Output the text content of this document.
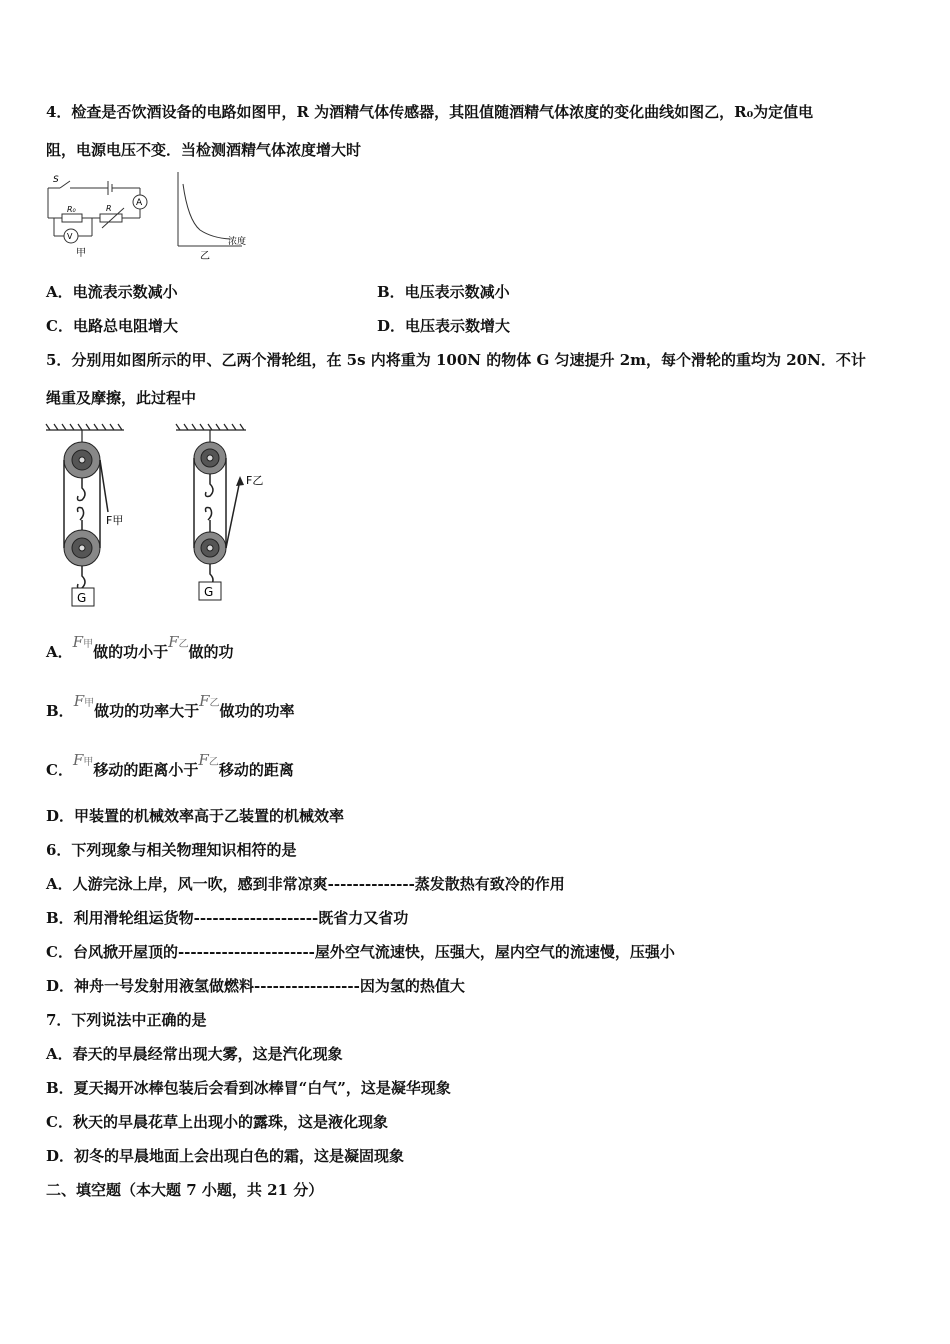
4．检查是否饮酒设备的电路如图甲，R 为酒精气体传感器，其阻值随酒精气体浓度的变化曲线如图乙，R₀为定值电
阻，电源电压不变．当检测酒精气体浓度增大时
S
R₀	R
A
V
甲
浓度
乙
A．电流表示数减小	B．电压表示数减小
C．电路总电阻增大	D．电压表示数增大
5．分别用如图所示的甲、乙两个滑轮组，在 5s 内将重为 100N 的物体 G 匀速提升 2m，每个滑轮的重均为 20N．不计
绳重及摩擦，此过程中
G
F甲
G
F乙
A．F甲做的功小于F乙做的功
B．F甲做功的功率大于F乙做功的功率
C．F甲移动的距离小于F乙移动的距离
D．甲装置的机械效率高于乙装置的机械效率
6．下列现象与相关物理知识相符的是
A．人游完泳上岸，风一吹，感到非常凉爽--------------蒸发散热有致冷的作用
B．利用滑轮组运货物--------------------既省力又省功
C．台风掀开屋顶的----------------------屋外空气流速快，压强大，屋内空气的流速慢，压强小
D．神舟一号发射用液氢做燃料-----------------因为氢的热值大
7．下列说法中正确的是
A．春天的早晨经常出现大雾，这是汽化现象
B．夏天揭开冰棒包装后会看到冰棒冒“白气”，这是凝华现象
C．秋天的早晨花草上出现小的露珠，这是液化现象
D．初冬的早晨地面上会出现白色的霜，这是凝固现象
二、填空题（本大题 7 小题，共 21 分）
